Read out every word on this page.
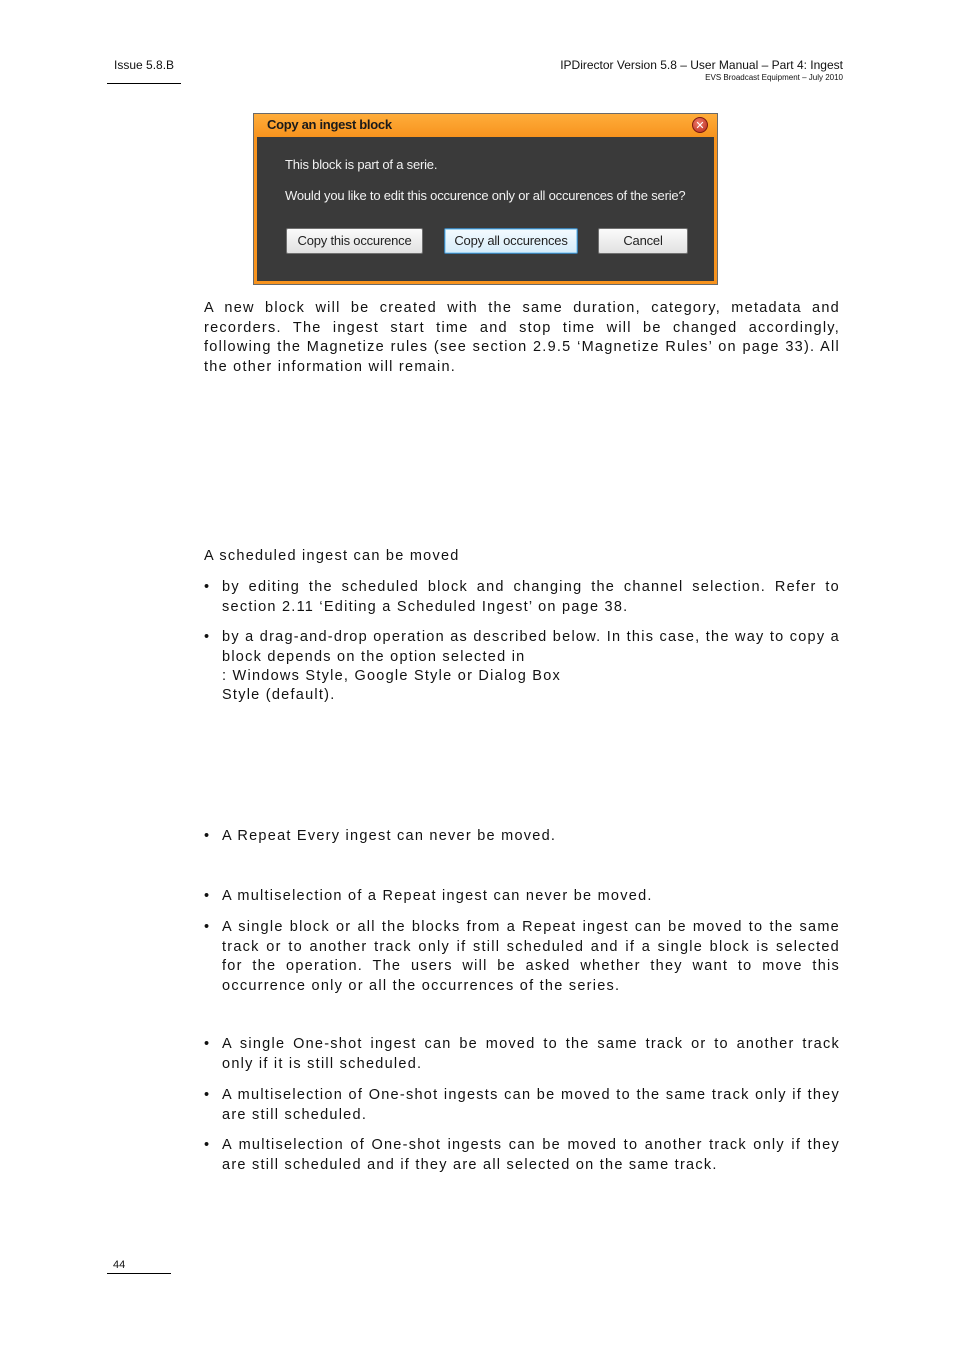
Issue 5.8.B	IPDirector Version 5.8 – User Manual – Part 4: Ingest
EVS Broadcast Equipment – July 2010
Copy an ingest block	✕
This block is part of a serie.
Would you like to edit this occurence only or all occurences of the serie?
Copy this occurence	Copy all occurences	Cancel
A new block will be created with the same duration, category, metadata and recorders. The ingest start time and stop time will be changed accordingly, following the Magnetize rules (see section 2.9.5 ‘Magnetize Rules’ on page 33). All the other information will remain.
A scheduled ingest can be moved
• by editing the scheduled block and changing the channel selection. Refer to section 2.11 ‘Editing a Scheduled Ingest’ on page 38.
• by a drag-and-drop operation as described below. In this case, the way to copy a block depends on the option selected in
: Windows Style, Google Style or Dialog Box
Style (default).
• A Repeat Every ingest can never be moved.
• A multiselection of a Repeat ingest can never be moved.
• A single block or all the blocks from a Repeat ingest can be moved to the same track or to another track only if still scheduled and if a single block is selected for the operation. The users will be asked whether they want to move this occurrence only or all the occurrences of the series.
• A single One-shot ingest can be moved to the same track or to another track only if it is still scheduled.
• A multiselection of One-shot ingests can be moved to the same track only if they are still scheduled.
• A multiselection of One-shot ingests can be moved to another track only if they are still scheduled and if they are all selected on the same track.
44
